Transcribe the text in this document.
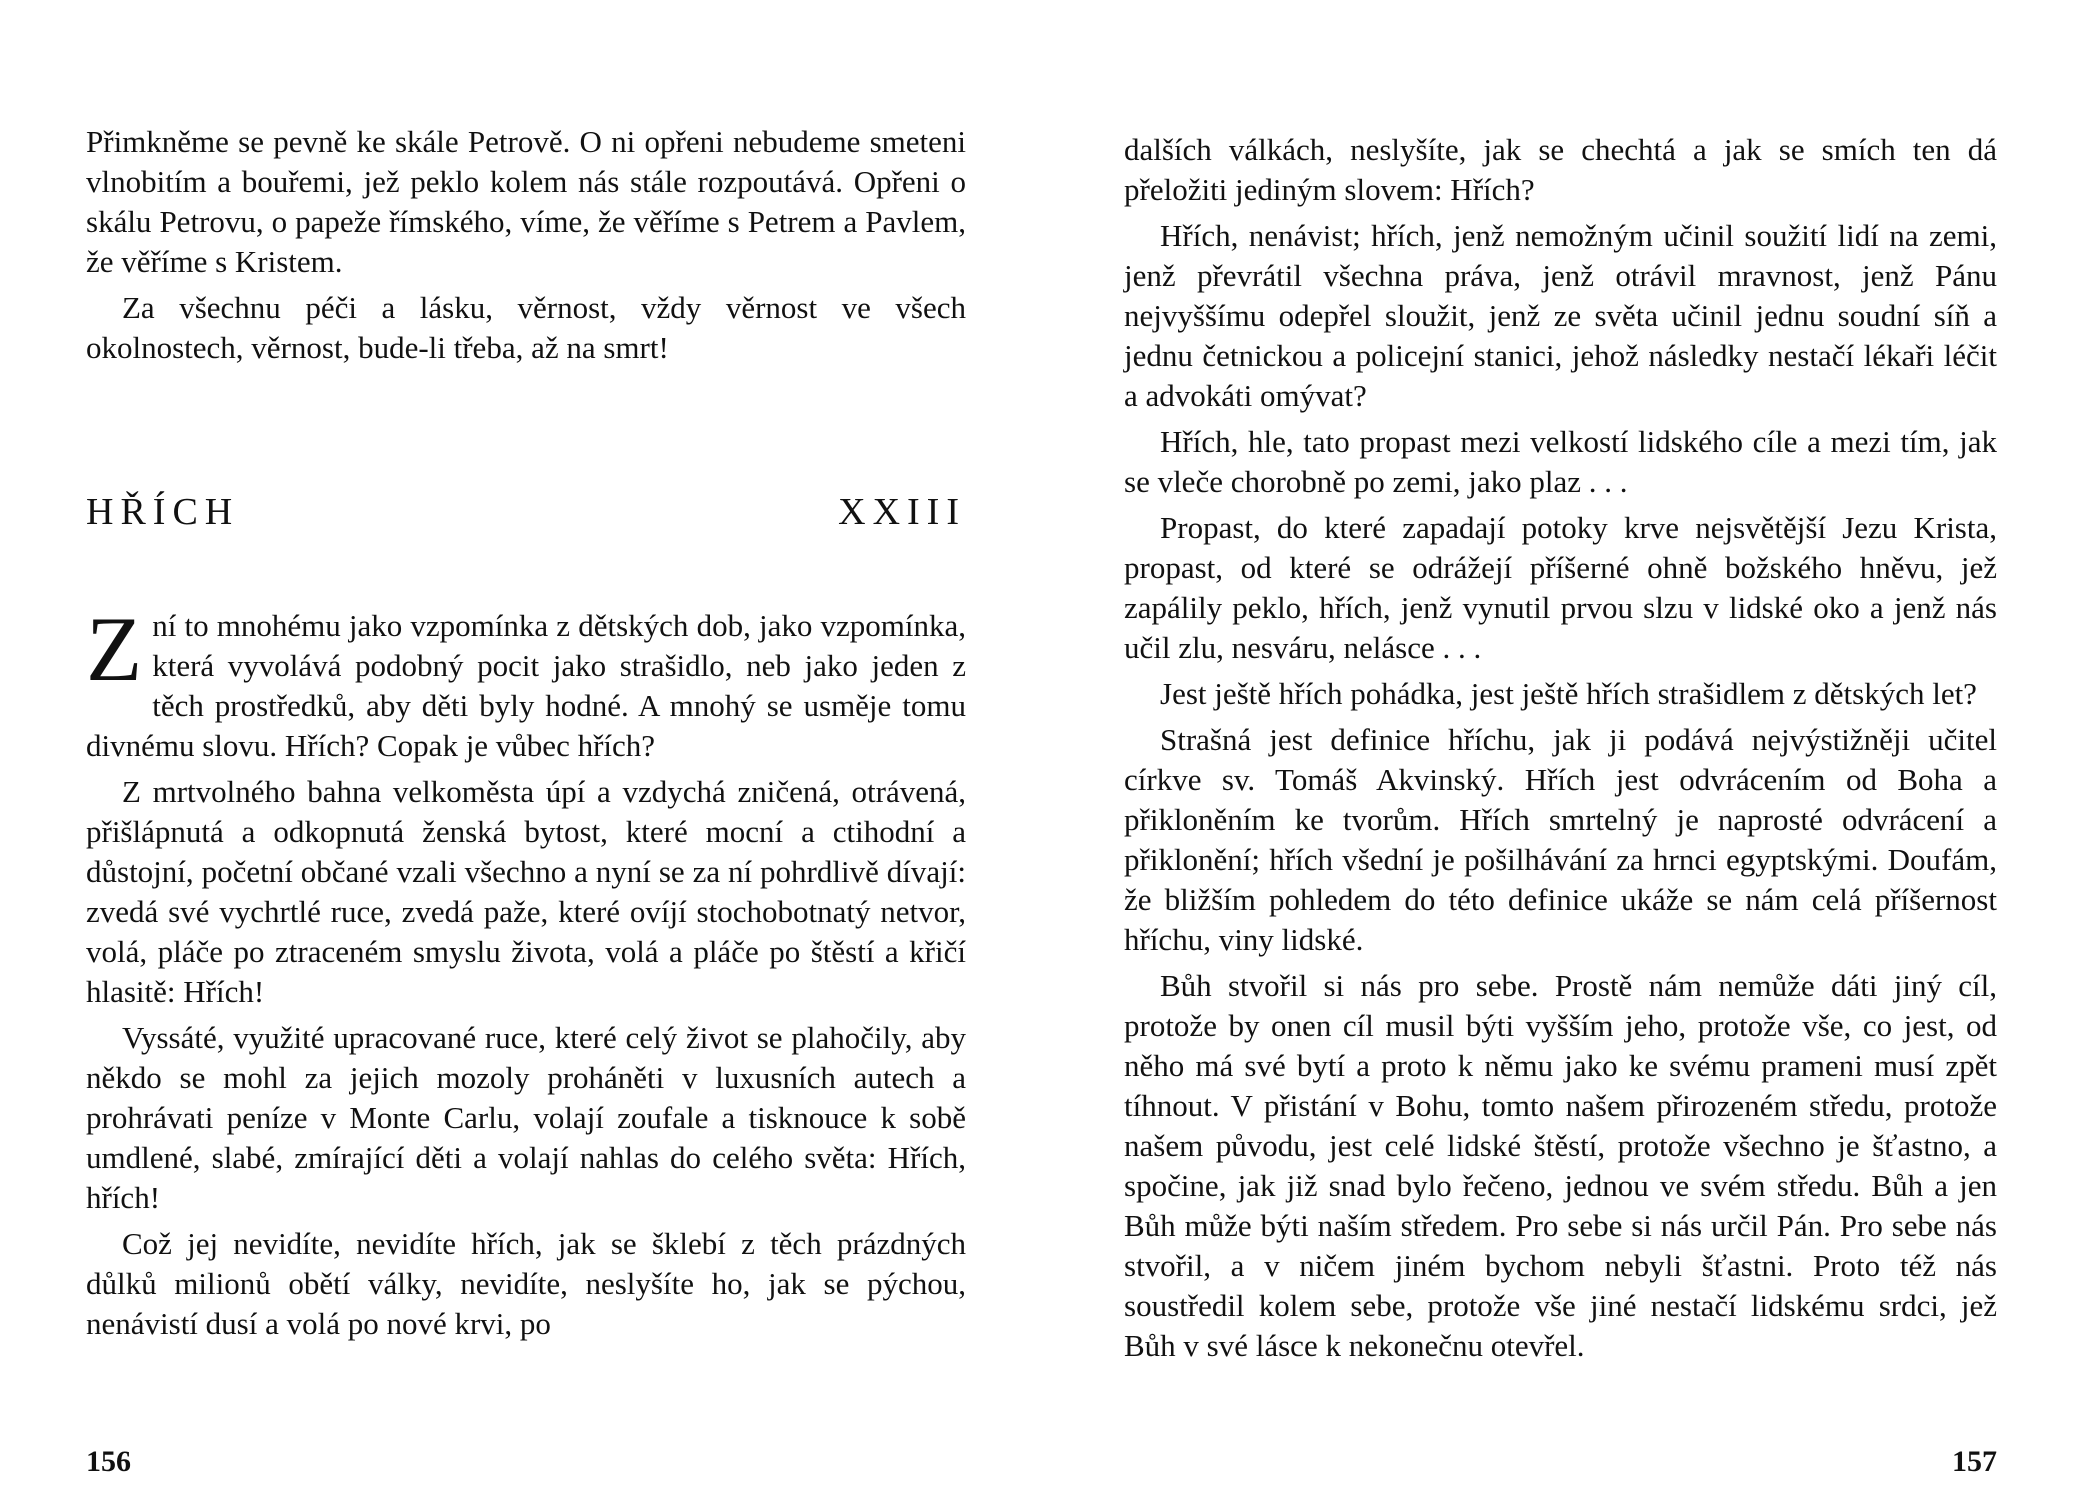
Přimkněme se pevně ke skále Petrově. O ni opřeni nebudeme smeteni vlnobitím a bouřemi, jež peklo kolem nás stále rozpoutává. Opřeni o skálu Petrovu, o papeže římského, víme, že věříme s Petrem a Pavlem, že věříme s Kristem.

Za všechnu péči a lásku, věrnost, vždy věrnost ve všech okolnostech, věrnost, bude-li třeba, až na smrt!

HŘÍCH	XXIII

Zní to mnohému jako vzpomínka z dětských dob, jako vzpomínka, která vyvolává podobný pocit jako strašidlo, neb jako jeden z těch prostředků, aby děti byly hodné. A mnohý se usměje tomu divnému slovu. Hřích? Copak je vůbec hřích?

Z mrtvolného bahna velkoměsta úpí a vzdychá zničená, otrávená, přišlápnutá a odkopnutá ženská bytost, které mocní a ctihodní a důstojní, početní občané vzali všechno a nyní se za ní pohrdlivě dívají: zvedá své vychrtlé ruce, zvedá paže, které ovíjí stochobotnatý netvor, volá, pláče po ztraceném smyslu života, volá a pláče po štěstí a křičí hlasitě: Hřích!

Vyssáté, využité upracované ruce, které celý život se plahočily, aby někdo se mohl za jejich mozoly proháněti v luxusních autech a prohrávati peníze v Monte Carlu, volají zoufale a tisknouce k sobě umdlené, slabé, zmírající děti a volají nahlas do celého světa: Hřích, hřích!

Což jej nevidíte, nevidíte hřích, jak se šklebí z těch prázdných důlků milionů obětí války, nevidíte, neslyšíte ho, jak se pýchou, nenávistí dusí a volá po nové krvi, po

156

dalších válkách, neslyšíte, jak se chechtá a jak se smích ten dá přeložiti jediným slovem: Hřích?

Hřích, nenávist; hřích, jenž nemožným učinil soužití lidí na zemi, jenž převrátil všechna práva, jenž otrávil mravnost, jenž Pánu nejvyššímu odepřel sloužit, jenž ze světa učinil jednu soudní síň a jednu četnickou a policejní stanici, jehož následky nestačí lékaři léčit a advokáti omývat?

Hřích, hle, tato propast mezi velkostí lidského cíle a mezi tím, jak se vleče chorobně po zemi, jako plaz . . .

Propast, do které zapadají potoky krve nejsvětější Jezu Krista, propast, od které se odrážejí příšerné ohně božského hněvu, jež zapálily peklo, hřích, jenž vynutil prvou slzu v lidské oko a jenž nás učil zlu, nesváru, nelásce . . .

Jest ještě hřích pohádka, jest ještě hřích strašidlem z dětských let?

Strašná jest definice hříchu, jak ji podává nejvýstižněji učitel církve sv. Tomáš Akvinský. Hřích jest odvrácením od Boha a přikloněním ke tvorům. Hřích smrtelný je naprosté odvrácení a přiklonění; hřích všední je pošilhávání za hrnci egyptskými. Doufám, že bližším pohledem do této definice ukáže se nám celá příšernost hříchu, viny lidské.

Bůh stvořil si nás pro sebe. Prostě nám nemůže dáti jiný cíl, protože by onen cíl musil býti vyšším jeho, protože vše, co jest, od něho má své bytí a proto k němu jako ke svému prameni musí zpět tíhnout. V přistání v Bohu, tomto našem přirozeném středu, protože našem původu, jest celé lidské štěstí, protože všechno je šťastno, a spočine, jak již snad bylo řečeno, jednou ve svém středu. Bůh a jen Bůh může býti naším středem. Pro sebe si nás určil Pán. Pro sebe nás stvořil, a v ničem jiném bychom nebyli šťastni. Proto též nás soustředil kolem sebe, protože vše jiné nestačí lidskému srdci, jež Bůh v své lásce k nekonečnu otevřel.

157
